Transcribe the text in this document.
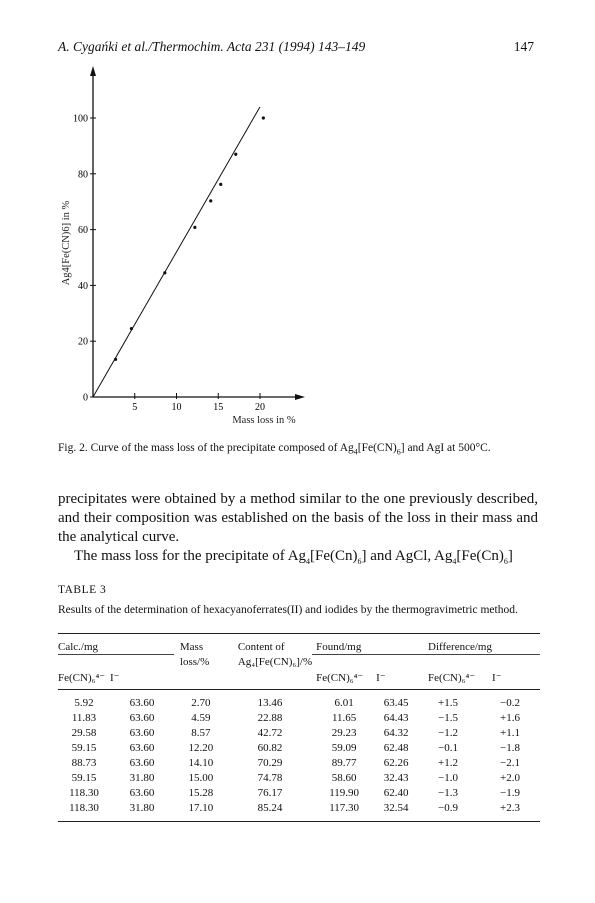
A. Cygańki et al./Thermochim. Acta 231 (1994) 143–149	147
0
20
40
60
80
100
5	10	15	20
Ag4[Fe(CN)6] in %
Mass loss in %
Fig. 2. Curve of the mass loss of the precipitate composed of $Ag_4[Fe(CN)_6]$ and AgI at 500°C.

precipitates were obtained by a method similar to the one previously described, and their composition was established on the basis of the loss in their mass and the analytical curve.

The mass loss for the precipitate of $Ag_4[Fe(Cn)_6]$ and AgCl, $Ag_4[Fe(Cn)_6]$

TABLE 3
Results of the determination of hexacyanoferrates(II) and iodides by the thermogravimetric method.
Calc./mg		Mass	Content of	Found/mg		Difference/mg	
		loss/%	Ag₄[Fe(CN)₆]/%				
Fe(CN)₆⁴⁻	I⁻			Fe(CN)₆⁴⁻	I⁻	Fe(CN)₆⁴⁻	I⁻
5.92	63.60	2.70	13.46	6.01	63.45	+1.5	−0.2
11.83	63.60	4.59	22.88	11.65	64.43	−1.5	+1.6
29.58	63.60	8.57	42.72	29.23	64.32	−1.2	+1.1
59.15	63.60	12.20	60.82	59.09	62.48	−0.1	−1.8
88.73	63.60	14.10	70.29	89.77	62.26	+1.2	−2.1
59.15	31.80	15.00	74.78	58.60	32.43	−1.0	+2.0
118.30	63.60	15.28	76.17	119.90	62.40	−1.3	−1.9
118.30	31.80	17.10	85.24	117.30	32.54	−0.9	+2.3
